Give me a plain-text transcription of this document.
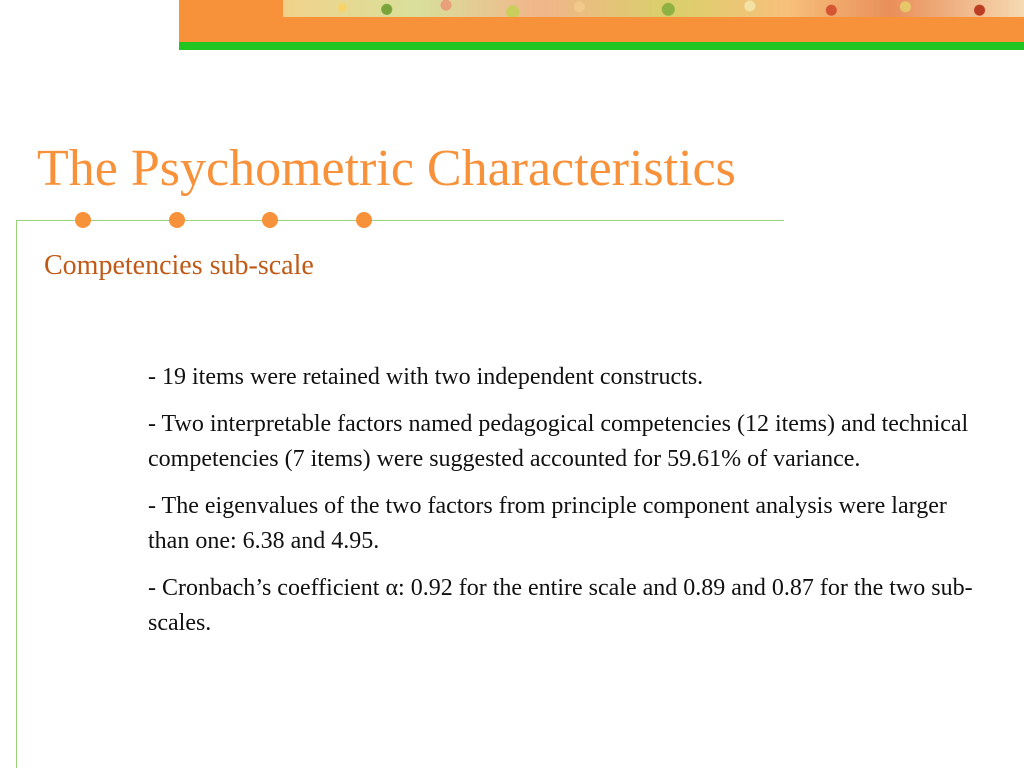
The Psychometric Characteristics
Competencies sub-scale

- 19 items were retained with two independent constructs.

- Two interpretable factors named pedagogical competencies (12 items) and technical competencies (7 items) were suggested accounted for 59.61% of variance.

- The eigenvalues of the two factors from principle component analysis were larger than one: 6.38 and 4.95.

- Cronbach’s coefficient α: 0.92 for the entire scale and 0.89 and 0.87 for the two sub-scales.
